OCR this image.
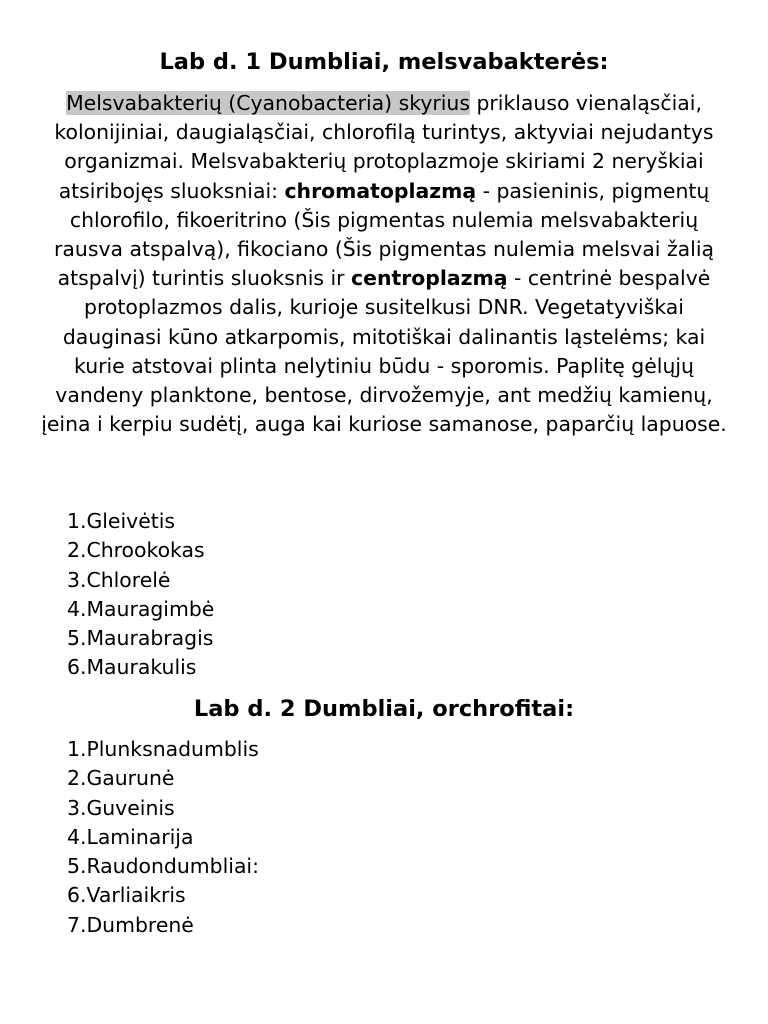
Lab d. 1 Dumbliai, melsvabakterės:

Melsvabakterių (Cyanobacteria) skyrius priklauso vienaląsčiai, kolonijiniai, daugialąsčiai, chlorofilą turintys, aktyviai nejudantys organizmai. Melsvabakterių protoplazmoje skiriami 2 neryškiai atsiribojęs sluoksniai: chromatoplazmą - pasieninis, pigmentų chlorofilo, fikoeritrino (Šis pigmentas nulemia melsvabakterių rausva atspalvą), fikociano (Šis pigmentas nulemia melsvai žalią atspalvį) turintis sluoksnis ir centroplazmą - centrinė bespalvė protoplazmos dalis, kurioje susitelkusi DNR. Vegetatyviškai dauginasi kūno atkarpomis, mitotiškai dalinantis ląstelėms; kai kurie atstovai plinta nelytiniu būdu - sporomis. Paplitę gėlųjų vandeny planktone, bentose, dirvožemyje, ant medžių kamienų, įeina i kerpiu sudėtį, auga kai kuriose samanose, paparčių lapuose.

1.Gleivėtis
2.Chrookokas
3.Chlorelė
4.Mauragimbė
5.Maurabragis
6.Maurakulis
Lab d. 2 Dumbliai, orchrofitai:
1.Plunksnadumblis
2.Gaurunė
3.Guveinis
4.Laminarija
5.Raudondumbliai:
6.Varliaikris
7.Dumbrenė
